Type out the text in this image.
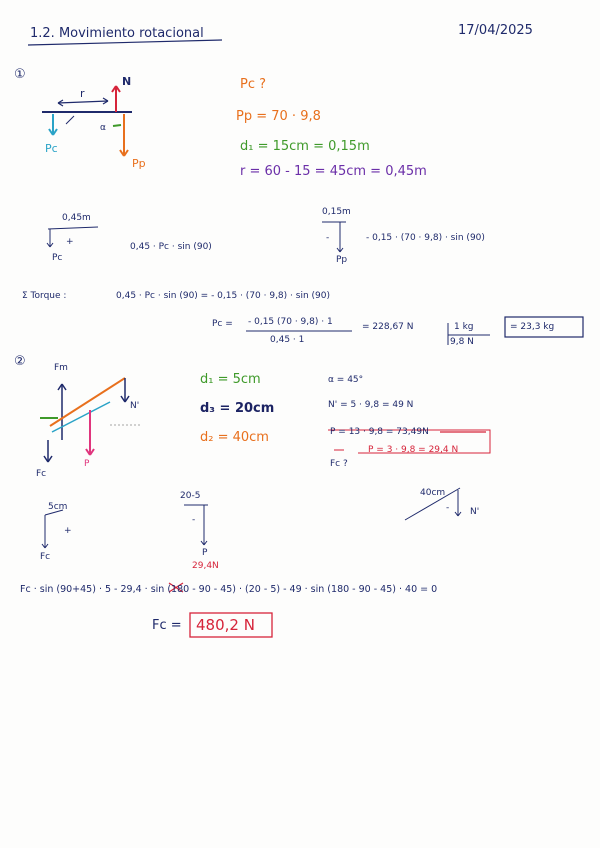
1.2. Movimiento rotacional	17/04/2025
①
r
N
α
Pc
Pp
Pc ?
Pp = 70 · 9,8
d₁ = 15cm = 0,15m
r = 60 - 15 = 45cm = 0,45m
0,45m
+
Pc
0,45 · Pc · sin (90)
0,15m
-
Pp
- 0,15 · (70 · 9,8) · sin (90)
Σ Torque :	0,45 · Pc · sin (90) = - 0,15 · (70 · 9,8) · sin (90)
Pc = - 0,15 (70 · 9,8) · 1
0,45 · 1
= 228,67 N	1 kg
9,8 N
= 23,3 kg
②	Fm
N'
Fc
P
d₁ = 5cm
d₃ = 20cm
d₂ = 40cm
α = 45°
N' = 5 · 9,8 = 49 N
P = 13 · 9,8 = 73,49N
P = 3 · 9,8 = 29,4 N
Fc ?
5cm
+
Fc
20-5
-
P
29,4N
40cm
- N'
Fc · sin (90+45) · 5 - 29,4 · sin (180 - 90 - 45) · (20 - 5) - 49 · sin (180 - 90 - 45) · 40 = 0
Fc = 480,2 N
